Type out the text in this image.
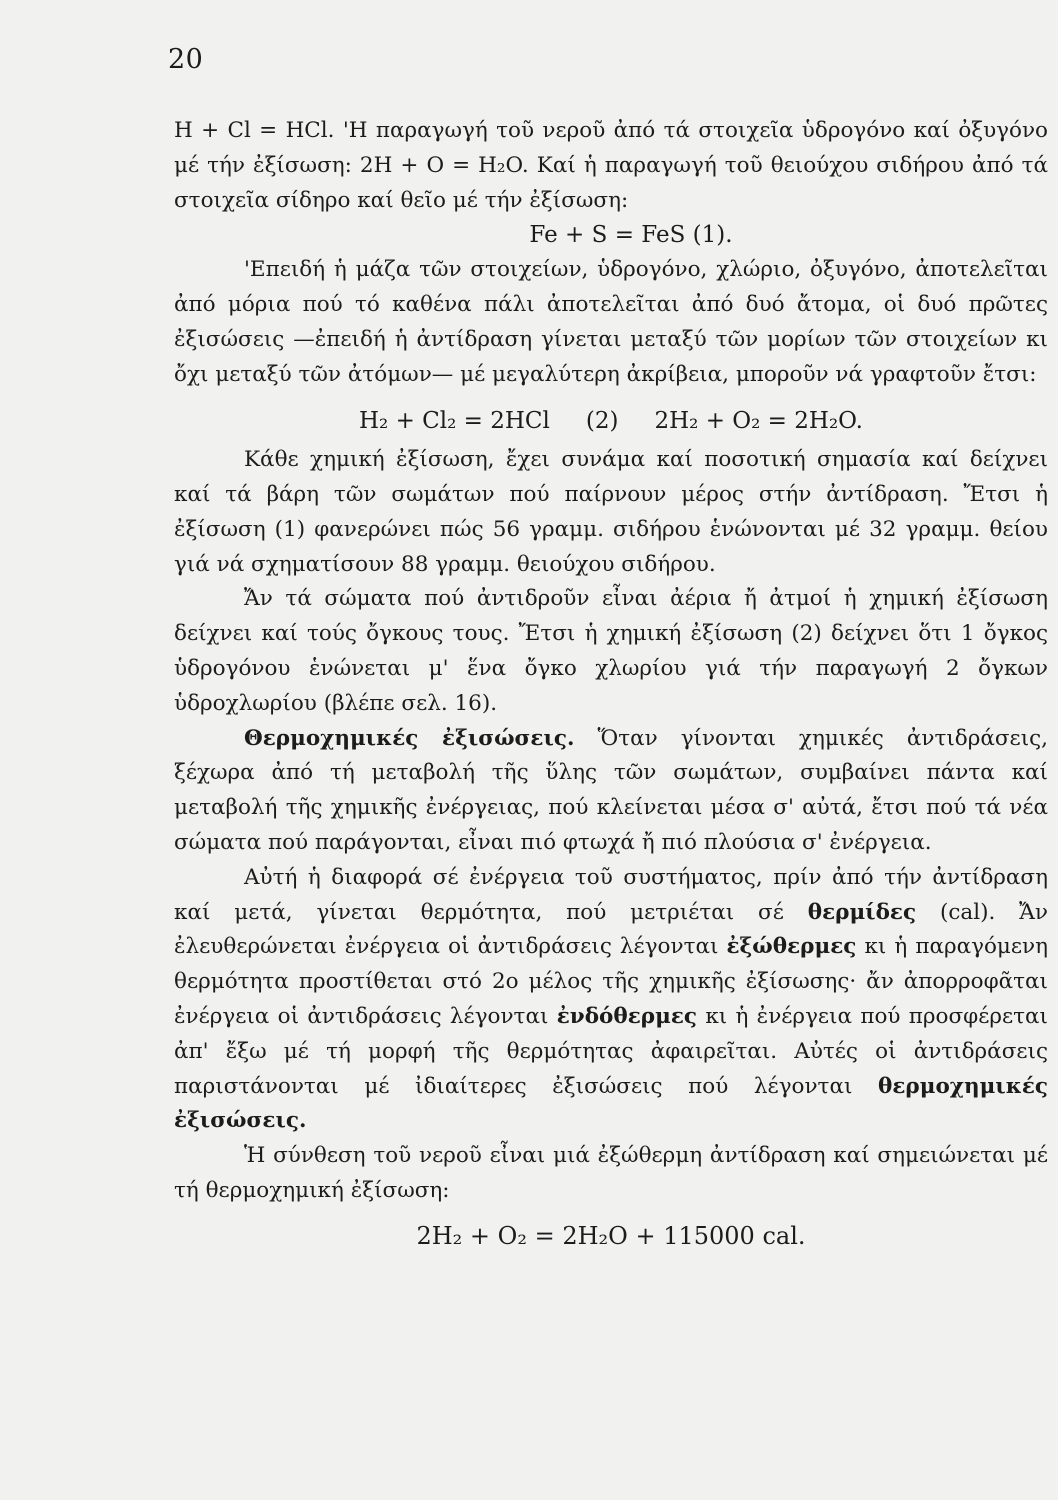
20

H + Cl = HCl. 'Η παραγωγή τοῦ νεροῦ ἀπό τά στοιχεῖα ὑδρογόνο καί ὀξυγόνο μέ τήν ἐξίσωση: 2H + O = H₂O. Καί ἡ παραγωγή τοῦ θειούχου σιδήρου ἀπό τά στοιχεῖα σίδηρο καί θεῖο μέ τήν ἐξίσωση:

Fe + S = FeS (1).

'Επειδή ἡ μάζα τῶν στοιχείων, ὑδρογόνο, χλώριο, ὀξυγόνο, ἀποτελεῖται ἀπό μόρια πού τό καθένα πάλι ἀποτελεῖται ἀπό δυό ἄτομα, οἱ δυό πρῶτες ἐξισώσεις —ἐπειδή ἡ ἀντίδραση γίνεται μεταξύ τῶν μορίων τῶν στοιχείων κι ὄχι μεταξύ τῶν ἀτόμων— μέ μεγαλύτερη ἀκρίβεια, μποροῦν νά γραφτοῦν ἔτσι:

H₂ + Cl₂ = 2HCl (2) 2H₂ + O₂ = 2H₂O.

Κάθε χημική ἐξίσωση, ἔχει συνάμα καί ποσοτική σημασία καί δείχνει καί τά βάρη τῶν σωμάτων πού παίρνουν μέρος στήν ἀντίδραση. Ἔτσι ἡ ἐξίσωση (1) φανερώνει πώς 56 γραμμ. σιδήρου ἑνώνονται μέ 32 γραμμ. θείου γιά νά σχηματίσουν 88 γραμμ. θειούχου σιδήρου.

Ἄν τά σώματα πού ἀντιδροῦν εἶναι ἀέρια ἤ ἀτμοί ἡ χημική ἐξίσωση δείχνει καί τούς ὄγκους τους. Ἔτσι ἡ χημική ἐξίσωση (2) δείχνει ὅτι 1 ὄγκος ὑδρογόνου ἑνώνεται μ' ἕνα ὄγκο χλωρίου γιά τήν παραγωγή 2 ὄγκων ὑδροχλωρίου (βλέπε σελ. 16).

Θερμοχημικές ἐξισώσεις. Ὅταν γίνονται χημικές ἀντιδράσεις, ξέχωρα ἀπό τή μεταβολή τῆς ὕλης τῶν σωμάτων, συμβαίνει πάντα καί μεταβολή τῆς χημικῆς ἐνέργειας, πού κλείνεται μέσα σ' αὐτά, ἔτσι πού τά νέα σώματα πού παράγονται, εἶναι πιό φτωχά ἤ πιό πλούσια σ' ἐνέργεια.

Αὐτή ἡ διαφορά σέ ἐνέργεια τοῦ συστήματος, πρίν ἀπό τήν ἀντίδραση καί μετά, γίνεται θερμότητα, πού μετριέται σέ θερμίδες (cal). Ἄν ἐλευθερώνεται ἐνέργεια οἱ ἀντιδράσεις λέγονται ἐξώθερμες κι ἡ παραγόμενη θερμότητα προστίθεται στό 2ο μέλος τῆς χημικῆς ἐξίσωσης· ἄν ἀπορροφᾶται ἐνέργεια οἱ ἀντιδράσεις λέγονται ἐνδόθερμες κι ἡ ἐνέργεια πού προσφέρεται ἀπ' ἔξω μέ τή μορφή τῆς θερμότητας ἀφαιρεῖται. Αὐτές οἱ ἀντιδράσεις παριστάνονται μέ ἰδιαίτερες ἐξισώσεις πού λέγονται θερμοχημικές ἐξισώσεις.

Ἡ σύνθεση τοῦ νεροῦ εἶναι μιά ἐξώθερμη ἀντίδραση καί σημειώνεται μέ τή θερμοχημική ἐξίσωση:

2H₂ + O₂ = 2H₂O + 115000 cal.
